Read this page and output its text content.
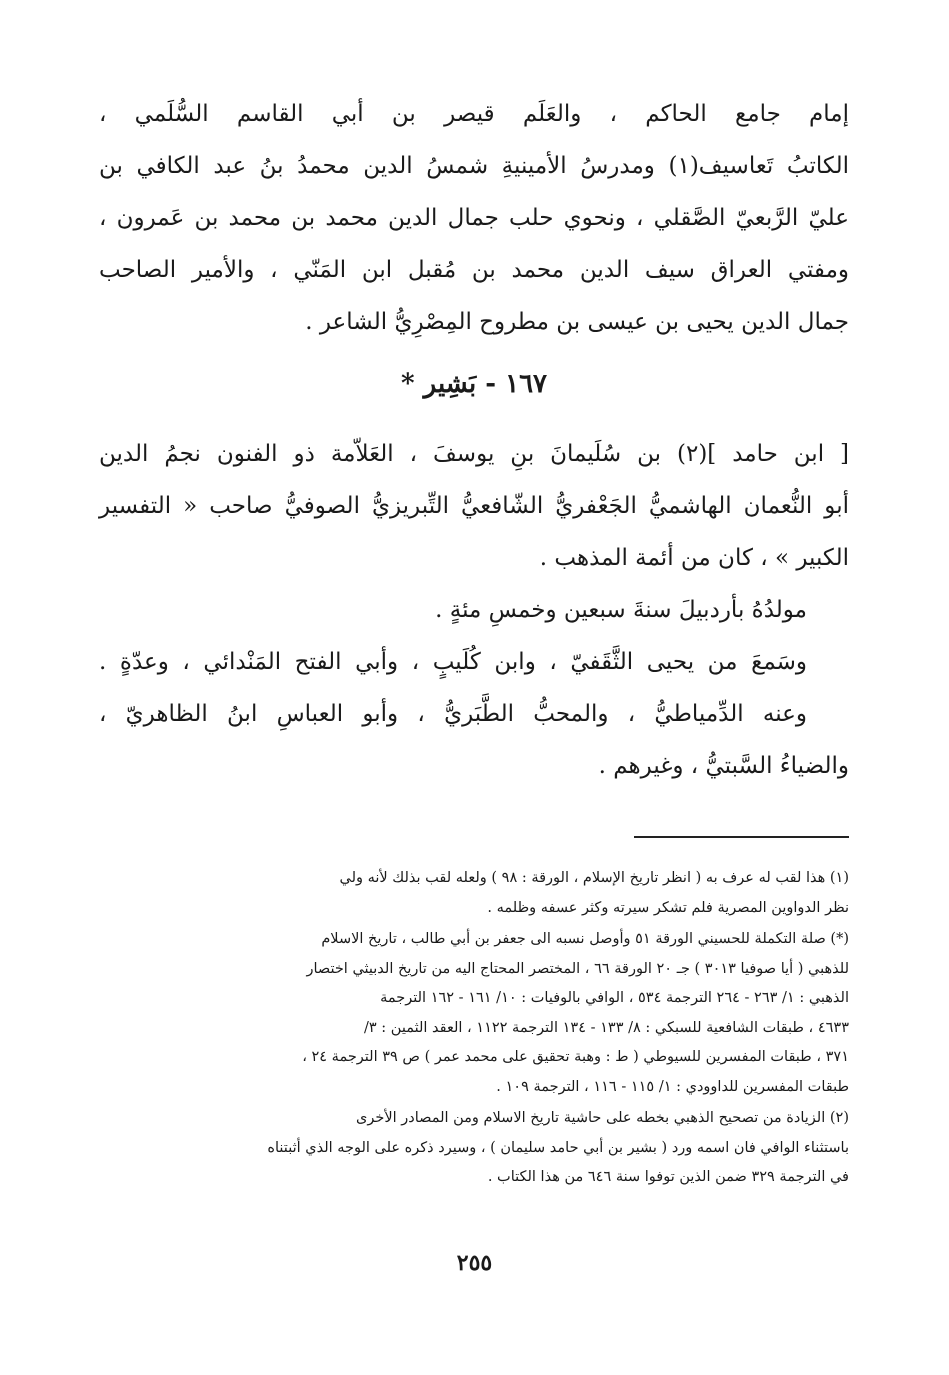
إمام جامع الحاكم ، والعَلَم قيصر بن أبي القاسم السُّلَمي ،

الكاتبُ تَعاسيف(١) ومدرسُ الأمينيةِ شمسُ الدين محمدُ بنُ عبد الكافي بن

عليّ الرَّبعيّ الصَّقلي ، ونحوي حلب جمال الدين محمد بن محمد بن عَمرون ،

ومفتي العراق سيف الدين محمد بن مُقبل ابن المَنّي ، والأمير الصاحب

جمال الدين يحيى بن عيسى بن مطروح المِصْرِيُّ الشاعر .

١٦٧ - بَشِير *

[ ابن حامد ](٢) بن سُلَيمانَ بنِ يوسفَ ، العَلاّمة ذو الفنون نجمُ الدين

أبو النُّعمان الهاشميُّ الجَعْفريُّ الشّافعيُّ التِّبريزيُّ الصوفيُّ صاحب « التفسير

الكبير » ، كان من أئمة المذهب .

مولدُهُ بأردبيلَ سنةَ سبعين وخمسِ مئةٍ .

وسَمعَ من يحيى الثَّقَفيّ ، وابن كُلَيبٍ ، وأبي الفتح المَنْدائي ، وعدّةٍ .

وعنه الدِّمياطيُّ ، والمحبُّ الطَّبَريُّ ، وأبو العباسِ ابنُ الظاهريّ ،

والضياءُ السَّبتيُّ ، وغيرهم .

(١) هذا لقب له عرف به ( انظر تاريخ الإسلام ، الورقة : ٩٨ ) ولعله لقب بذلك لأنه ولي

نظر الدواوين المصرية فلم تشكر سيرته وكثر عسفه وظلمه .

(*) صلة التكملة للحسيني الورقة ٥١ وأوصل نسبه الى جعفر بن أبي طالب ، تاريخ الاسلام

للذهبي ( أيا صوفيا ٣٠١٣ ) جـ ٢٠ الورقة ٦٦ ، المختصر المحتاج اليه من تاريخ الدبيثي اختصار

الذهبي : ١/ ٢٦٣ - ٢٦٤ الترجمة ٥٣٤ ، الوافي بالوفيات : ١٠/ ١٦١ - ١٦٢ الترجمة

٤٦٣٣ ، طبقات الشافعية للسبكي : ٨/ ١٣٣ - ١٣٤ الترجمة ١١٢٢ ، العقد الثمين : ٣/

٣٧١ ، طبقات المفسرين للسيوطي ( ط : وهبة تحقيق على محمد عمر ) ص ٣٩ الترجمة ٢٤ ،

طبقات المفسرين للداوودي : ١/ ١١٥ - ١١٦ ، الترجمة ١٠٩ .

(٢) الزيادة من تصحيح الذهبي بخطه على حاشية تاريخ الاسلام ومن المصادر الأخرى

باستثناء الوافي فان اسمه ورد ( بشير بن أبي حامد سليمان ) ، وسيرد ذكره على الوجه الذي أثبتناه

في الترجمة ٣٢٩ ضمن الذين توفوا سنة ٦٤٦ من هذا الكتاب .

٢٥٥
